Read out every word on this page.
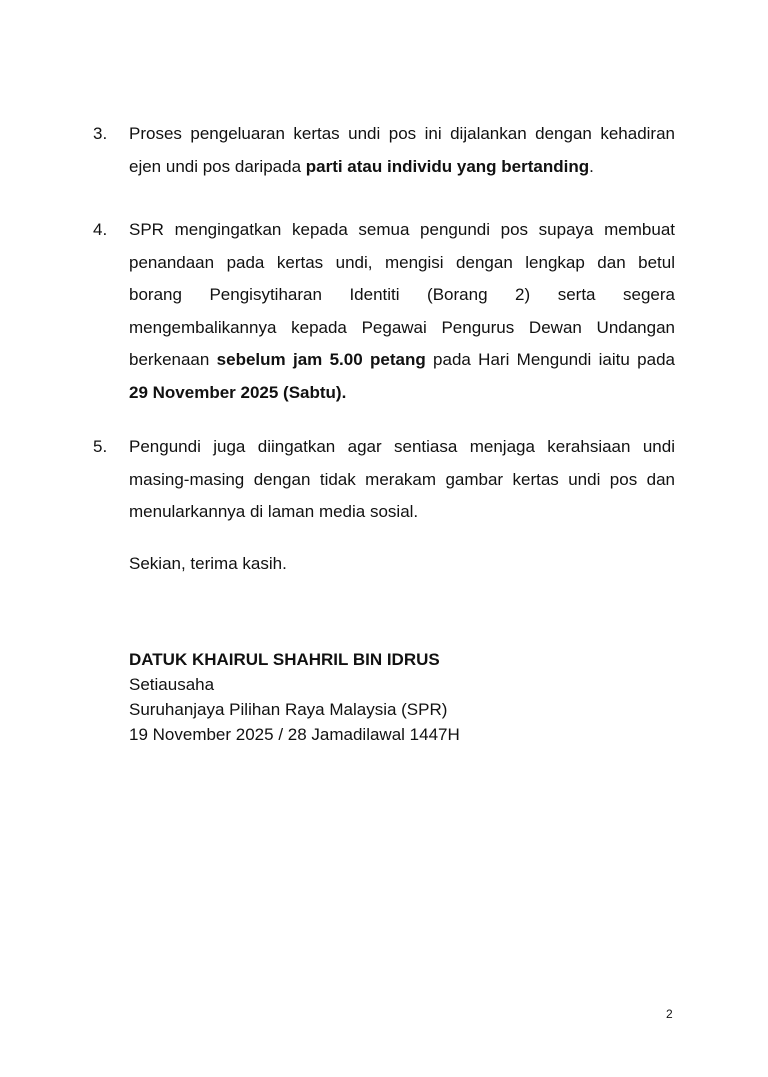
3.	Proses pengeluaran kertas undi pos ini dijalankan dengan kehadiran
ejen undi pos daripada parti atau individu yang bertanding.
4.	SPR mengingatkan kepada semua pengundi pos supaya membuat
penandaan pada kertas undi, mengisi dengan lengkap dan betul
borang Pengisytiharan Identiti (Borang 2) serta segera
mengembalikannya kepada Pegawai Pengurus Dewan Undangan
berkenaan sebelum jam 5.00 petang pada Hari Mengundi iaitu pada
29 November 2025 (Sabtu).
5.	Pengundi juga diingatkan agar sentiasa menjaga kerahsiaan undi
masing-masing dengan tidak merakam gambar kertas undi pos dan
menularkannya di laman media sosial.
Sekian, terima kasih.
DATUK KHAIRUL SHAHRIL BIN IDRUS
Setiausaha
Suruhanjaya Pilihan Raya Malaysia (SPR)
19 November 2025 / 28 Jamadilawal 1447H
2
